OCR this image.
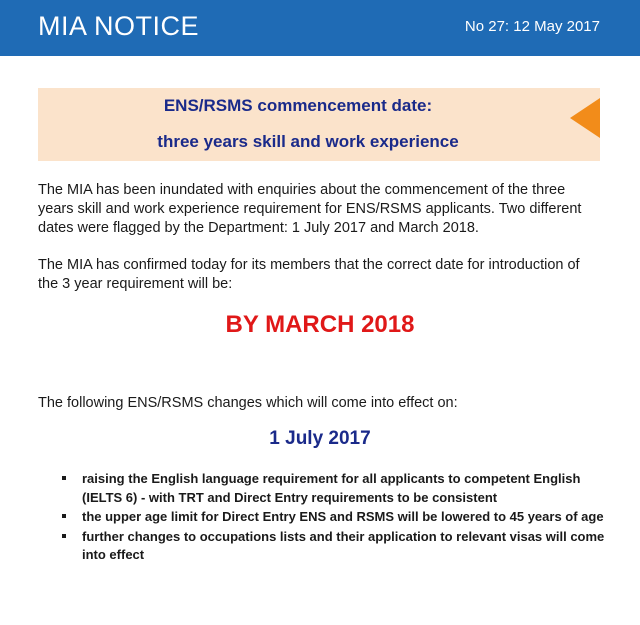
MIA NOTICE	No 27: 12 May 2017
ENS/RSMS commencement date:
three years skill and work experience
The MIA has been inundated with enquiries about the commencement of the three years skill and work experience requirement for ENS/RSMS applicants. Two different dates were flagged by the Department: 1 July 2017 and March 2018.
The MIA has confirmed today for its members that the correct date for introduction of the 3 year requirement will be:
BY MARCH 2018
The following ENS/RSMS changes which will come into effect on:
1 July 2017
raising the English language requirement for all applicants to competent English (IELTS 6) - with TRT and Direct Entry requirements to be consistent
the upper age limit for Direct Entry ENS and RSMS will be lowered to 45 years of age
further changes to occupations lists and their application to relevant visas will come into effect
